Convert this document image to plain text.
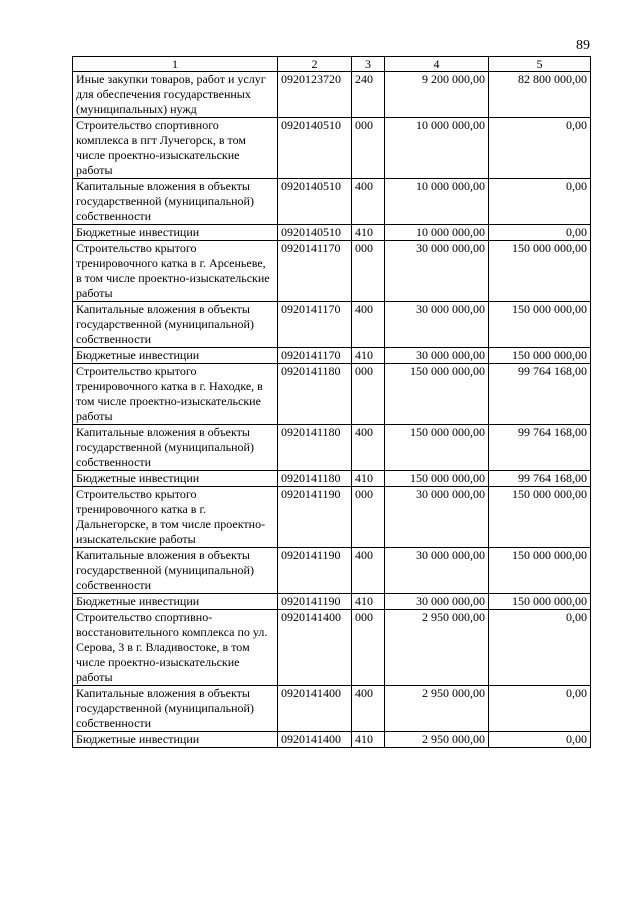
89
1	2	3	4	5
Иные закупки товаров, работ и услуг для обеспечения государственных (муниципальных) нужд	0920123720	240	9 200 000,00	82 800 000,00
Строительство спортивного комплекса в пгт Лучегорск, в том числе проектно-изыскательские работы	0920140510	000	10 000 000,00	0,00
Капитальные вложения в объекты государственной (муниципальной) собственности	0920140510	400	10 000 000,00	0,00
Бюджетные инвестиции	0920140510	410	10 000 000,00	0,00
Строительство крытого тренировочного катка в г. Арсеньеве, в том числе проектно-изыскательские работы	0920141170	000	30 000 000,00	150 000 000,00
Капитальные вложения в объекты государственной (муниципальной) собственности	0920141170	400	30 000 000,00	150 000 000,00
Бюджетные инвестиции	0920141170	410	30 000 000,00	150 000 000,00
Строительство крытого тренировочного катка в г. Находке, в том числе проектно-изыскательские работы	0920141180	000	150 000 000,00	99 764 168,00
Капитальные вложения в объекты государственной (муниципальной) собственности	0920141180	400	150 000 000,00	99 764 168,00
Бюджетные инвестиции	0920141180	410	150 000 000,00	99 764 168,00
Строительство крытого тренировочного катка в г. Дальнегорске, в том числе проектно-изыскательские работы	0920141190	000	30 000 000,00	150 000 000,00
Капитальные вложения в объекты государственной (муниципальной) собственности	0920141190	400	30 000 000,00	150 000 000,00
Бюджетные инвестиции	0920141190	410	30 000 000,00	150 000 000,00
Строительство спортивно-восстановительного комплекса по ул. Серова, 3 в г. Владивостоке, в том числе проектно-изыскательские работы	0920141400	000	2 950 000,00	0,00
Капитальные вложения в объекты государственной (муниципальной) собственности	0920141400	400	2 950 000,00	0,00
Бюджетные инвестиции	0920141400	410	2 950 000,00	0,00
